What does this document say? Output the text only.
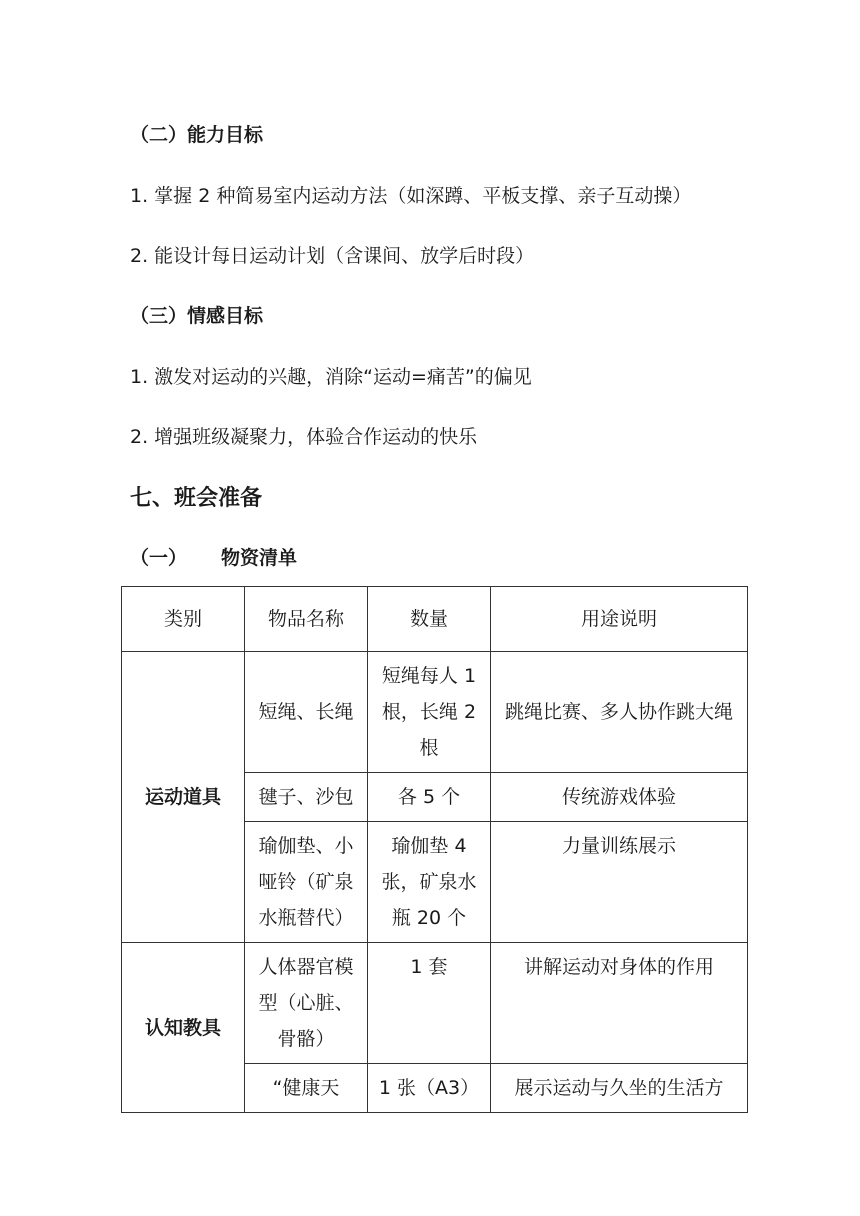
（二）能力目标
1. 掌握 2 种简易室内运动方法（如深蹲、平板支撑、亲子互动操）
2. 能设计每日运动计划（含课间、放学后时段）
（三）情感目标
1. 激发对运动的兴趣，消除“运动=痛苦”的偏见
2. 增强班级凝聚力，体验合作运动的快乐
七、班会准备
（一） 物资清单
类别	物品名称	数量	用途说明
运动道具	短绳、长绳	短绳每人 1 根，长绳 2 根	跳绳比赛、多人协作跳大绳
	毽子、沙包	各 5 个	传统游戏体验
	瑜伽垫、小哑铃（矿泉水瓶替代）	瑜伽垫 4 张，矿泉水瓶 20 个	力量训练展示
认知教具	人体器官模型（心脏、骨骼）	1 套	讲解运动对身体的作用
	“健康天	1 张（A3）	展示运动与久坐的生活方
